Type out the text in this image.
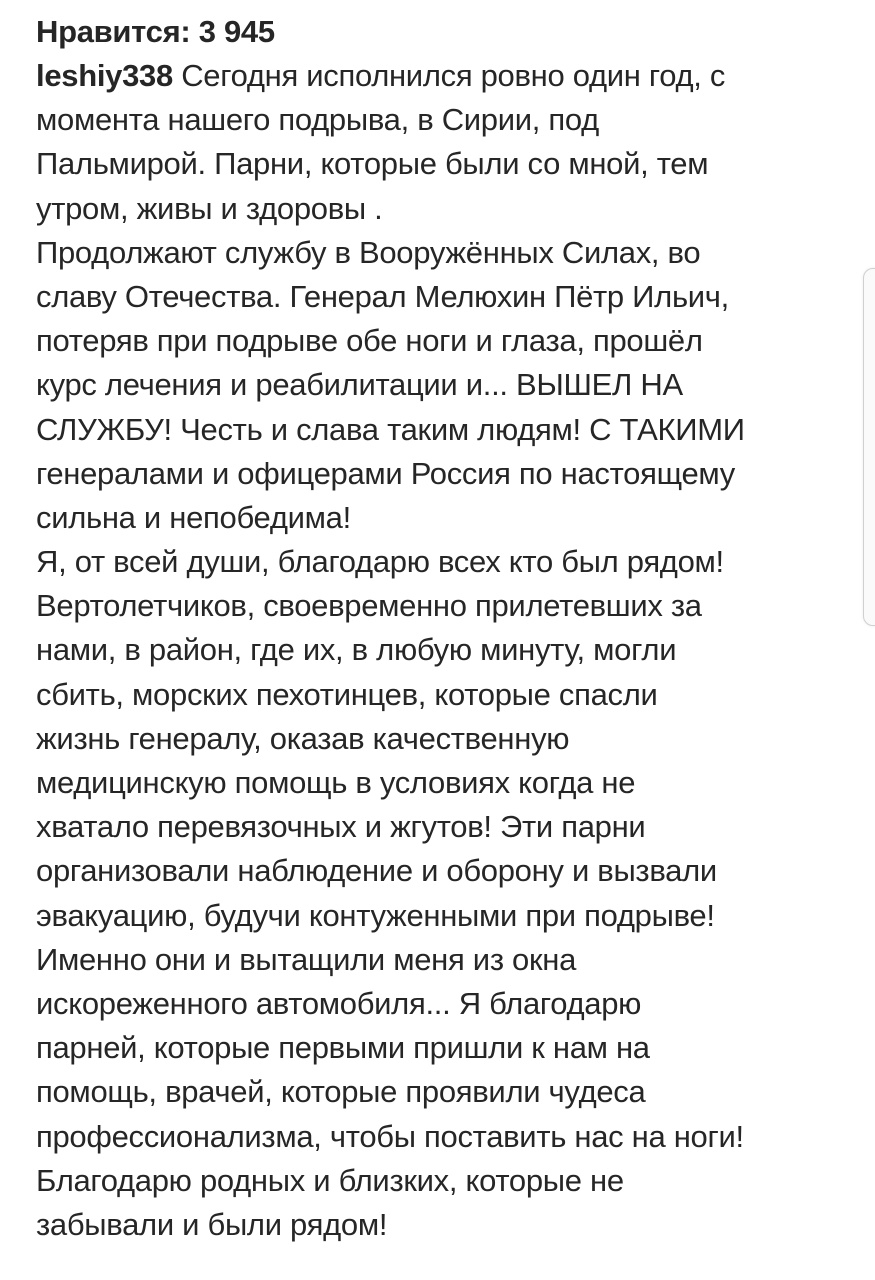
Нравится: 3 945
leshiy338 Сегодня исполнился ровно один год, с
момента нашего подрыва, в Сирии, под
Пальмирой. Парни, которые были со мной, тем
утром, живы и здоровы .
Продолжают службу в Вооружённых Силах, во
славу Отечества. Генерал Мелюхин Пётр Ильич,
потеряв при подрыве обе ноги и глаза, прошёл
курс лечения и реабилитации и... ВЫШЕЛ НА
СЛУЖБУ! Честь и слава таким людям! С ТАКИМИ
генералами и офицерами Россия по настоящему
сильна и непобедима!
Я, от всей души, благодарю всех кто был рядом!
Вертолетчиков, своевременно прилетевших за
нами, в район, где их, в любую минуту, могли
сбить, морских пехотинцев, которые спасли
жизнь генералу, оказав качественную
медицинскую помощь в условиях когда не
хватало перевязочных и жгутов! Эти парни
организовали наблюдение и оборону и вызвали
эвакуацию, будучи контуженными при подрыве!
Именно они и вытащили меня из окна
искореженного автомобиля... Я благодарю
парней, которые первыми пришли к нам на
помощь, врачей, которые проявили чудеса
профессионализма, чтобы поставить нас на ноги!
Благодарю родных и близких, которые не
забывали и были рядом!
